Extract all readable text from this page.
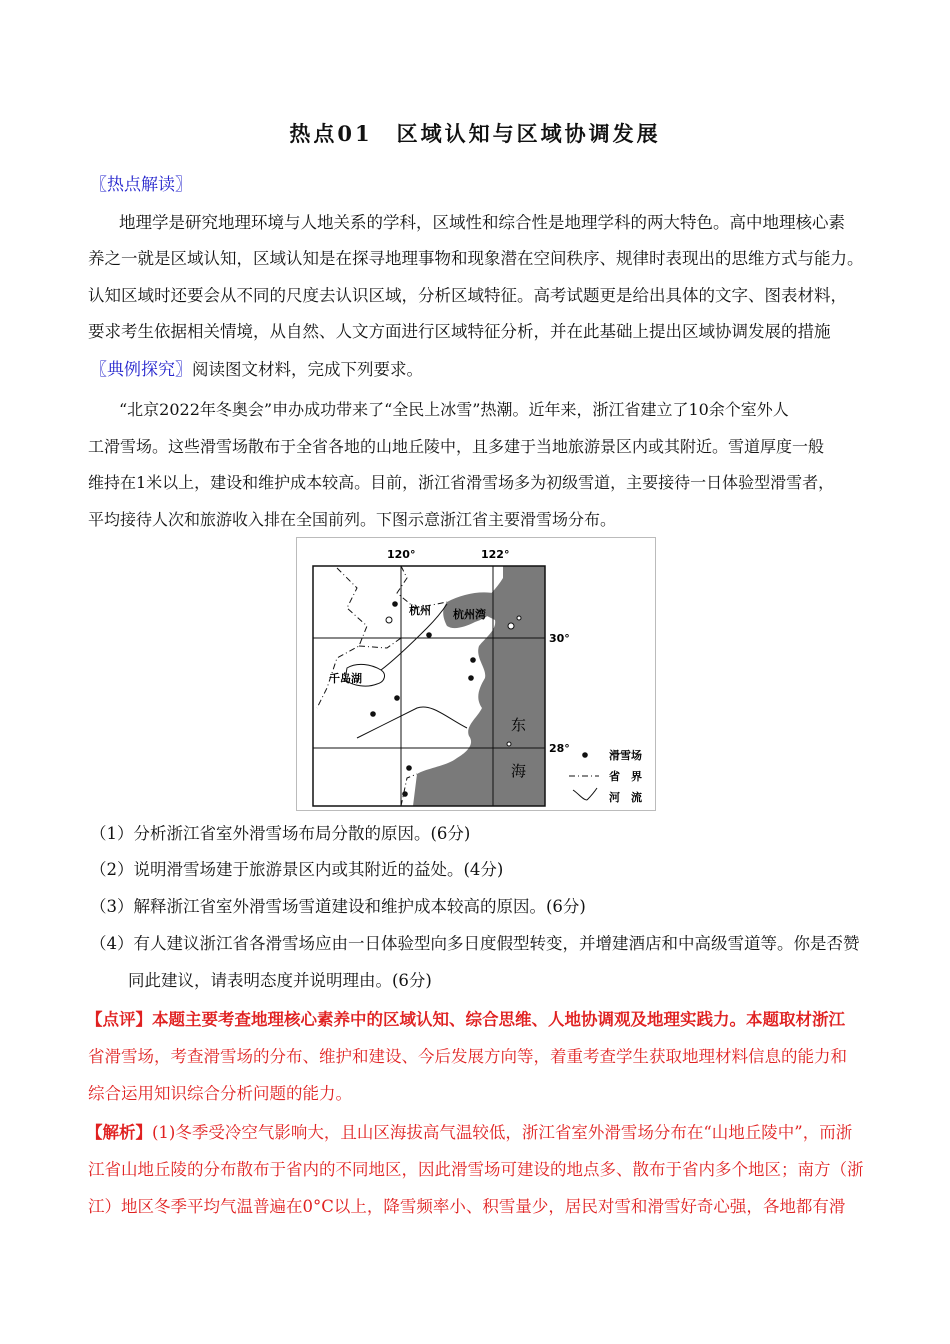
热点01　区域认知与区域协调发展
〖热点解读〗
地理学是研究地理环境与人地关系的学科，区域性和综合性是地理学科的两大特色。高中地理核心素
养之一就是区域认知，区域认知是在探寻地理事物和现象潜在空间秩序、规律时表现出的思维方式与能力。
认知区域时还要会从不同的尺度去认识区域，分析区域特征。高考试题更是给出具体的文字、图表材料，
要求考生依据相关情境，从自然、人文方面进行区域特征分析，并在此基础上提出区域协调发展的措施
〖典例探究〗阅读图文材料，完成下列要求。
“北京2022年冬奥会”申办成功带来了“全民上冰雪”热潮。近年来，浙江省建立了10余个室外人
工滑雪场。这些滑雪场散布于全省各地的山地丘陵中，且多建于当地旅游景区内或其附近。雪道厚度一般
维持在1米以上，建设和维护成本较高。目前，浙江省滑雪场多为初级雪道，主要接待一日体验型滑雪者，
平均接待人次和旅游收入排在全国前列。下图示意浙江省主要滑雪场分布。
120°	122°
30°
28°
杭州 杭州湾
千岛湖
东
海
滑雪场
省　界
河　流
（1）分析浙江省室外滑雪场布局分散的原因。(6分)
（2）说明滑雪场建于旅游景区内或其附近的益处。(4分)
（3）解释浙江省室外滑雪场雪道建设和维护成本较高的原因。(6分)
（4）有人建议浙江省各滑雪场应由一日体验型向多日度假型转变，并增建酒店和中高级雪道等。你是否赞
同此建议，请表明态度并说明理由。(6分)
【点评】本题主要考查地理核心素养中的区域认知、综合思维、人地协调观及地理实践力。本题取材浙江
省滑雪场，考查滑雪场的分布、维护和建设、今后发展方向等，着重考查学生获取地理材料信息的能力和
综合运用知识综合分析问题的能力。
【解析】(1)冬季受冷空气影响大，且山区海拔高气温较低，浙江省室外滑雪场分布在“山地丘陵中”，而浙
江省山地丘陵的分布散布于省内的不同地区，因此滑雪场可建设的地点多、散布于省内多个地区；南方（浙
江）地区冬季平均气温普遍在0°C以上，降雪频率小、积雪量少，居民对雪和滑雪好奇心强，各地都有滑
